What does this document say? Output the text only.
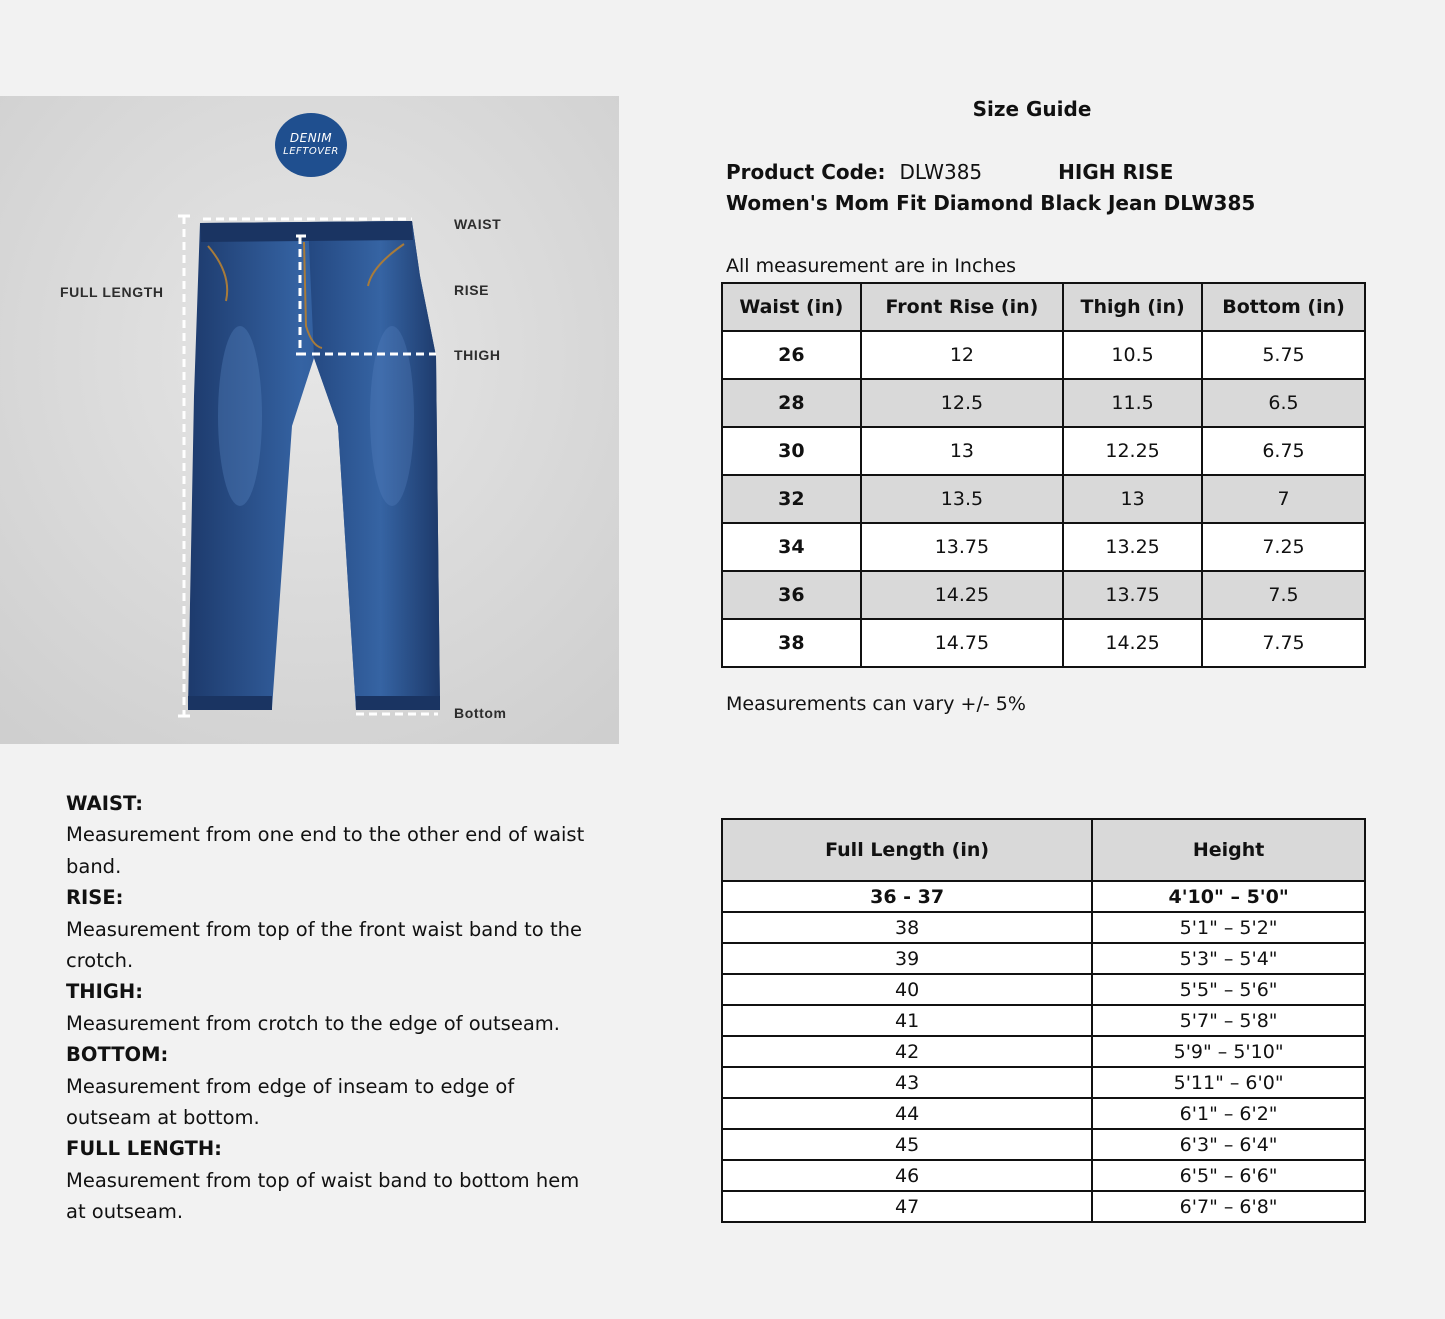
DENIM
LEFTOVER
WAIST
RISE
THIGH
Bottom
FULL LENGTH
Size Guide
Product Code: DLW385	HIGH RISE
Women's Mom Fit Diamond Black Jean DLW385
All measurement are in Inches
Waist (in)	Front Rise (in)	Thigh (in)	Bottom (in)
26	12	10.5	5.75
28	12.5	11.5	6.5
30	13	12.25	6.75
32	13.5	13	7
34	13.75	13.25	7.25
36	14.25	13.75	7.5
38	14.75	14.25	7.75
Measurements can vary +/- 5%
Full Length (in)	Height
36 - 37	4'10" – 5'0"
38	5'1" – 5'2"
39	5'3" – 5'4"
40	5'5" – 5'6"
41	5'7" – 5'8"
42	5'9" – 5'10"
43	5'11" – 6'0"
44	6'1" – 6'2"
45	6'3" – 6'4"
46	6'5" – 6'6"
47	6'7" – 6'8"
WAIST:

Measurement from one end to the other end of waist band.

RISE:

Measurement from top of the front waist band to the crotch.

THIGH:

Measurement from crotch to the edge of outseam.

BOTTOM:

Measurement from edge of inseam to edge of outseam at bottom.

FULL LENGTH:

Measurement from top of waist band to bottom hem at outseam.
